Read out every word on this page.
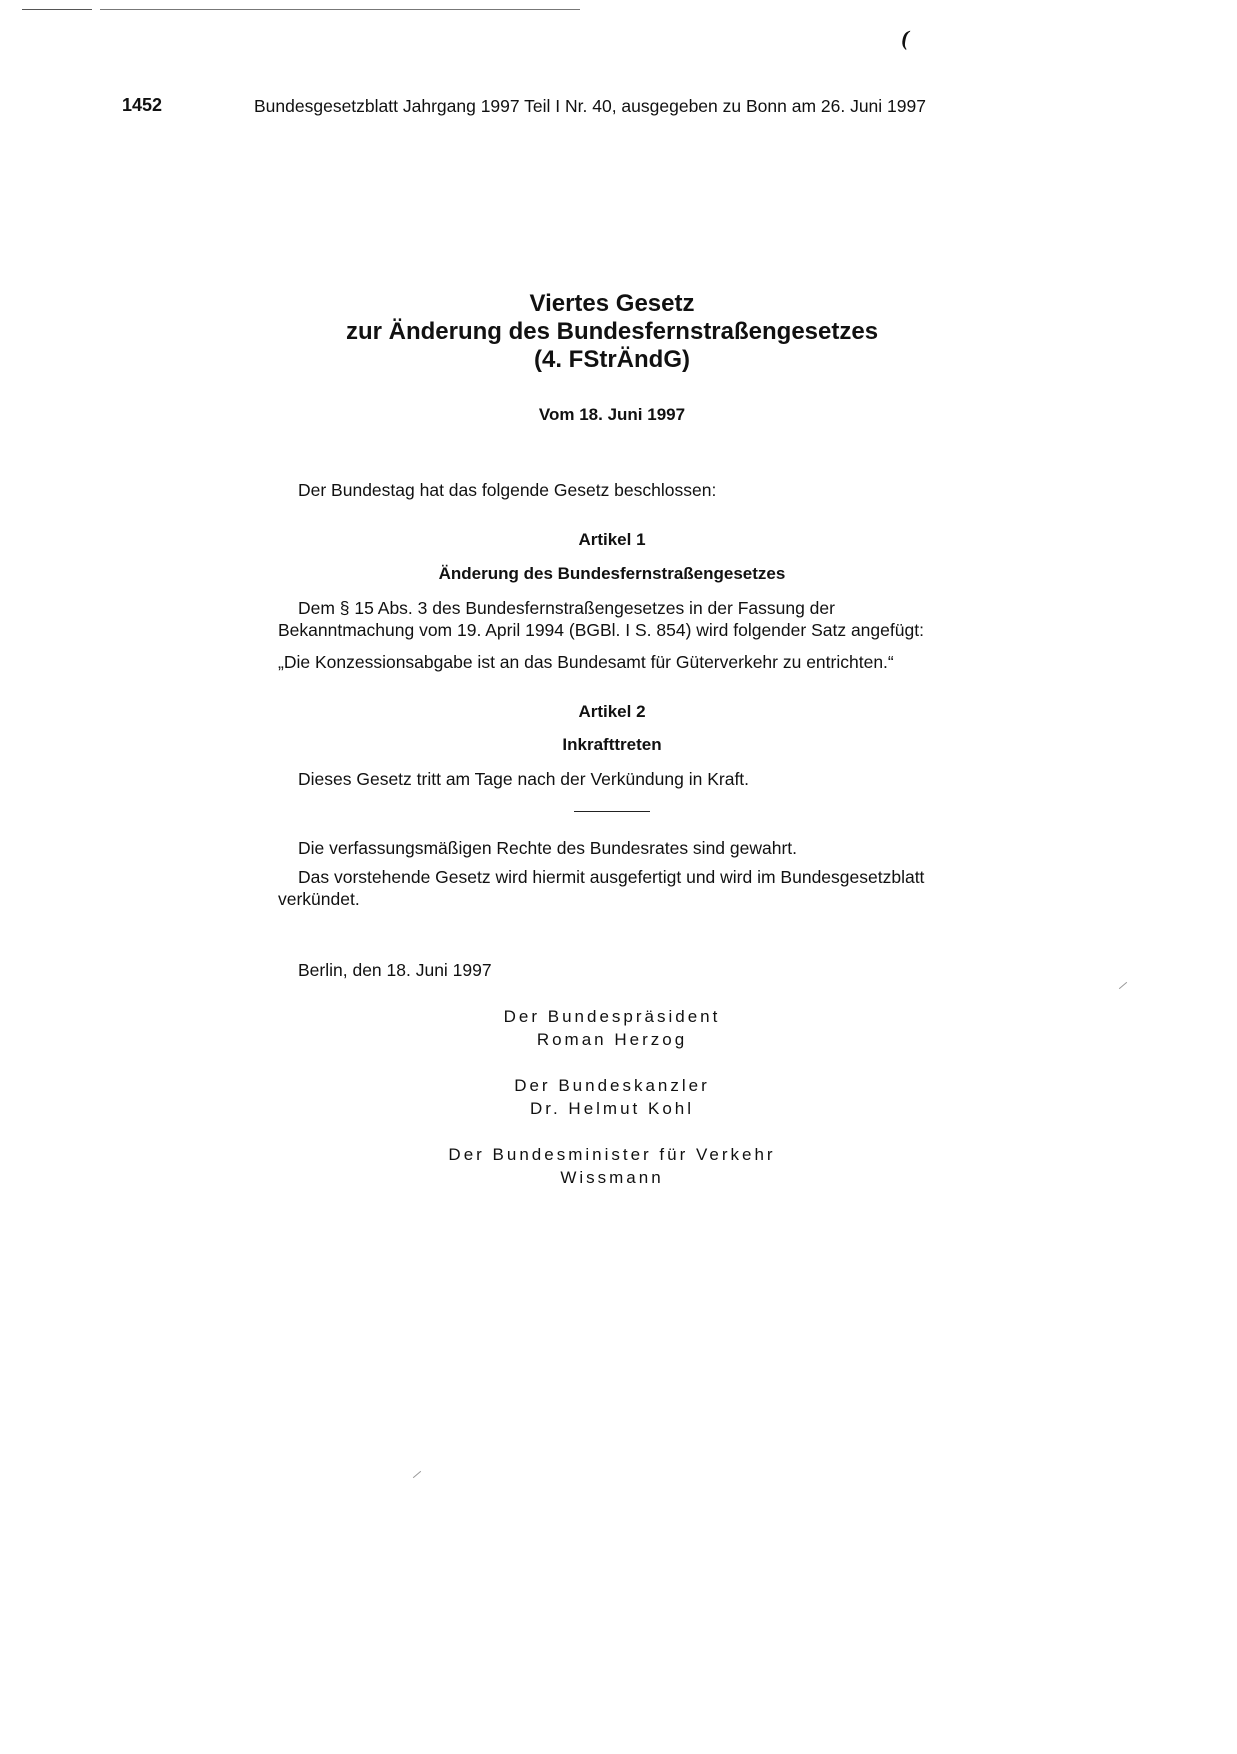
(
1452	Bundesgesetzblatt Jahrgang 1997 Teil I Nr. 40, ausgegeben zu Bonn am 26. Juni 1997
Viertes Gesetz
zur Änderung des Bundesfernstraßengesetzes
(4. FStrÄndG)
Vom 18. Juni 1997
Der Bundestag hat das folgende Gesetz beschlossen:
Artikel 1
Änderung des Bundesfernstraßengesetzes
Dem § 15 Abs. 3 des Bundesfernstraßengesetzes in der Fassung der Bekanntmachung vom 19. April 1994 (BGBl. I S. 854) wird folgender Satz angefügt:
„Die Konzessionsabgabe ist an das Bundesamt für Güterverkehr zu entrichten.“
Artikel 2
Inkrafttreten
Dieses Gesetz tritt am Tage nach der Verkündung in Kraft.
Die verfassungsmäßigen Rechte des Bundesrates sind gewahrt.
Das vorstehende Gesetz wird hiermit ausgefertigt und wird im Bundesgesetzblatt verkündet.
Berlin, den 18. Juni 1997
Der Bundespräsident
Roman Herzog
Der Bundeskanzler
Dr. Helmut Kohl
Der Bundesminister für Verkehr
Wissmann
